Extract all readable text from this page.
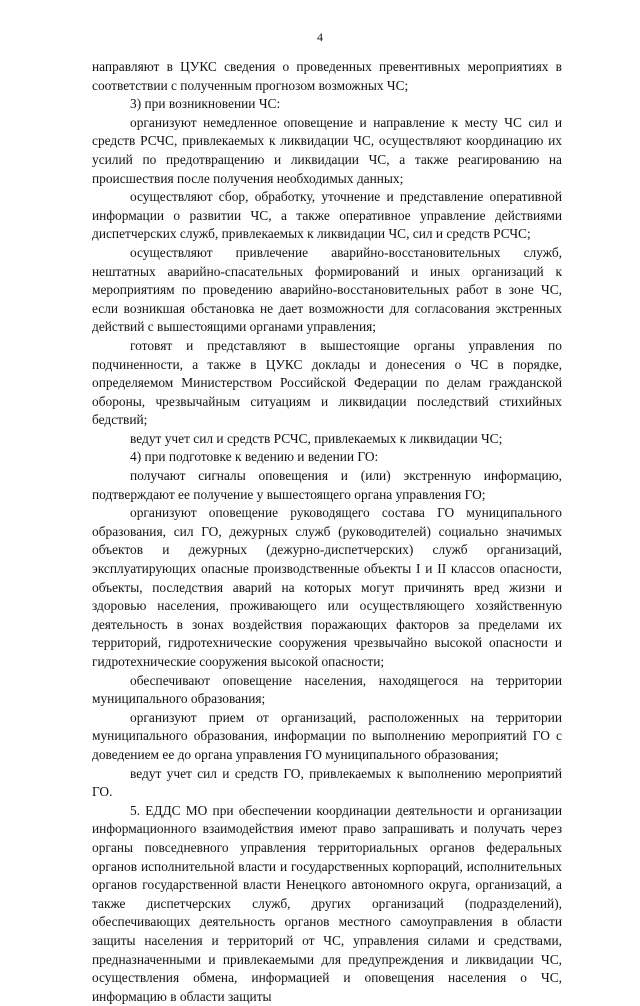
4

направляют в ЦУКС сведения о проведенных превентивных мероприятиях в соответствии с полученным прогнозом возможных ЧС;

3) при возникновении ЧС:

организуют немедленное оповещение и направление к месту ЧС сил и средств РСЧС, привлекаемых к ликвидации ЧС, осуществляют координацию их усилий по предотвращению и ликвидации ЧС, а также реагированию на происшествия после получения необходимых данных;

осуществляют сбор, обработку, уточнение и представление оперативной информации о развитии ЧС, а также оперативное управление действиями диспетчерских служб, привлекаемых к ликвидации ЧС, сил и средств РСЧС;

осуществляют привлечение аварийно-восстановительных служб, нештатных аварийно-спасательных формирований и иных организаций к мероприятиям по проведению аварийно-восстановительных работ в зоне ЧС, если возникшая обстановка не дает возможности для согласования экстренных действий с вышестоящими органами управления;

готовят и представляют в вышестоящие органы управления по подчиненности, а также в ЦУКС доклады и донесения о ЧС в порядке, определяемом Министерством Российской Федерации по делам гражданской обороны, чрезвычайным ситуациям и ликвидации последствий стихийных бедствий;

ведут учет сил и средств РСЧС, привлекаемых к ликвидации ЧС;

4) при подготовке к ведению и ведении ГО:

получают сигналы оповещения и (или) экстренную информацию, подтверждают ее получение у вышестоящего органа управления ГО;

организуют оповещение руководящего состава ГО муниципального образования, сил ГО, дежурных служб (руководителей) социально значимых объектов и дежурных (дежурно-диспетчерских) служб организаций, эксплуатирующих опасные производственные объекты I и II классов опасности, объекты, последствия аварий на которых могут причинять вред жизни и здоровью населения, проживающего или осуществляющего хозяйственную деятельность в зонах воздействия поражающих факторов за пределами их территорий, гидротехнические сооружения чрезвычайно высокой опасности и гидротехнические сооружения высокой опасности;

обеспечивают оповещение населения, находящегося на территории муниципального образования;

организуют прием от организаций, расположенных на территории муниципального образования, информации по выполнению мероприятий ГО с доведением ее до органа управления ГО муниципального образования;

ведут учет сил и средств ГО, привлекаемых к выполнению мероприятий ГО.

5. ЕДДС МО при обеспечении координации деятельности и организации информационного взаимодействия имеют право запрашивать и получать через органы повседневного управления территориальных органов федеральных органов исполнительной власти и государственных корпораций, исполнительных органов государственной власти Ненецкого автономного округа, организаций, а также диспетчерских служб, других организаций (подразделений), обеспечивающих деятельность органов местного самоуправления в области защиты населения и территорий от ЧС, управления силами и средствами, предназначенными и привлекаемыми для предупреждения и ликвидации ЧС, осуществления обмена, информацией и оповещения населения о ЧС, информацию в области защиты
